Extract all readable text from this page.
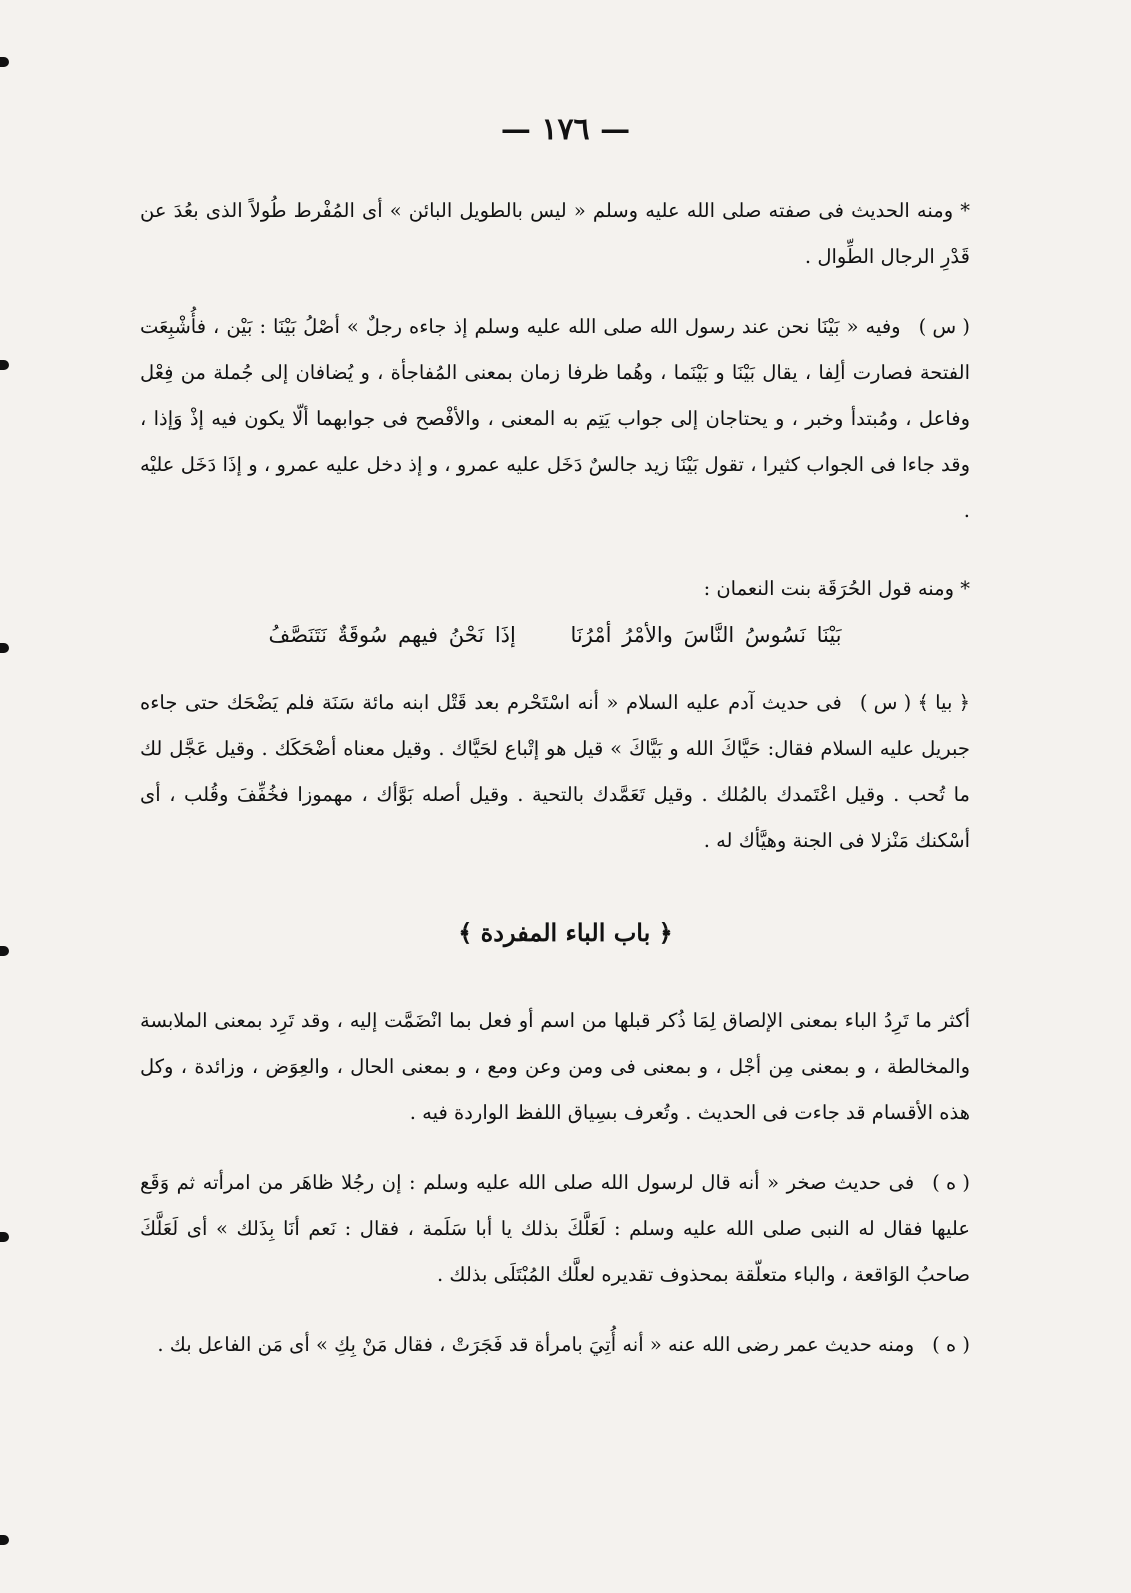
— ١٧٦ —

* ومنه الحديث فى صفته صلى الله عليه وسلم « ليس بالطويل البائن » أى المُفْرط طُولاً الذى بعُدَ عن قَدْرِ الرجال الطِّوال .

( س )وفيه « بَيْنَا نحن عند رسول الله صلى الله عليه وسلم إذ جاءه رجلٌ » أصْلُ بَيْنَا : بَيْن ، فأُشْبِعَت الفتحة فصارت ألِفا ، يقال بَيْنَا و بَيْنَما ، وهُما ظرفا زمان بمعنى المُفاجأة ، و يُضافان إلى جُملة من فِعْل وفاعل ، ومُبتدأ وخبر ، و يحتاجان إلى جواب يَتِم به المعنى ، والأفْصح فى جوابهما ألّا يكون فيه إذْ وَإذا ، وقد جاءا فى الجواب كثيرا ، تقول بَيْنَا زيد جالسٌ دَخَل عليه عمرو ، و إذ دخل عليه عمرو ، و إذَا دَخَل عليْه .

* ومنه قول الحُرَقَة بنت النعمان :

بَيْنَا نَسُوسُ النَّاسَ والأمْرُ أمْرُنَا إذَا نَحْنُ فيهم سُوقَةٌ نَتَنَصَّفُ

﴿ بيا ﴾ ( س )فى حديث آدم عليه السلام « أنه اسْتَحْرم بعد قَتْل ابنه مائة سَنَة فلم يَضْحَك حتى جاءه جبريل عليه السلام فقال: حَيَّاكَ الله و بَيَّاكَ » قيل هو إتْباع لحَيَّاك . وقيل معناه أضْحَكَك . وقيل عَجَّل لك ما تُحب . وقيل اعْتَمدك بالمُلك . وقيل تَعَمَّدك بالتحية . وقيل أصله بَوَّأك ، مهموزا فخُفِّفَ وقُلب ، أى أسْكنك مَنْزلا فى الجنة وهيَّأك له .

﴿ باب الباء المفردة ﴾

أكثر ما تَرِدُ الباء بمعنى الإلصاق لِمَا ذُكر قبلها من اسم أو فعل بما انْضَمَّت إليه ، وقد تَرِد بمعنى الملابسة والمخالطة ، و بمعنى مِن أجْل ، و بمعنى فى ومن وعن ومع ، و بمعنى الحال ، والعِوَض ، وزائدة ، وكل هذه الأقسام قد جاءت فى الحديث . وتُعرف بسِياق اللفظ الواردة فيه .

( ه )فى حديث صخر « أنه قال لرسول الله صلى الله عليه وسلم : إن رجُلا ظاهَر من امرأته ثم وَقَع عليها فقال له النبى صلى الله عليه وسلم : لَعَلَّكَ بذلك يا أبا سَلَمة ، فقال : نَعم أنَا بِذَلك » أى لَعَلَّكَ صاحبُ الوَاقعة ، والباء متعلّقة بمحذوف تقديره لعلَّك المُبْتَلَى بذلك .

( ه )ومنه حديث عمر رضى الله عنه « أنه أُتِيَ بامرأة قد فَجَرَتْ ، فقال مَنْ بِكِ » أى مَن الفاعل بك .
